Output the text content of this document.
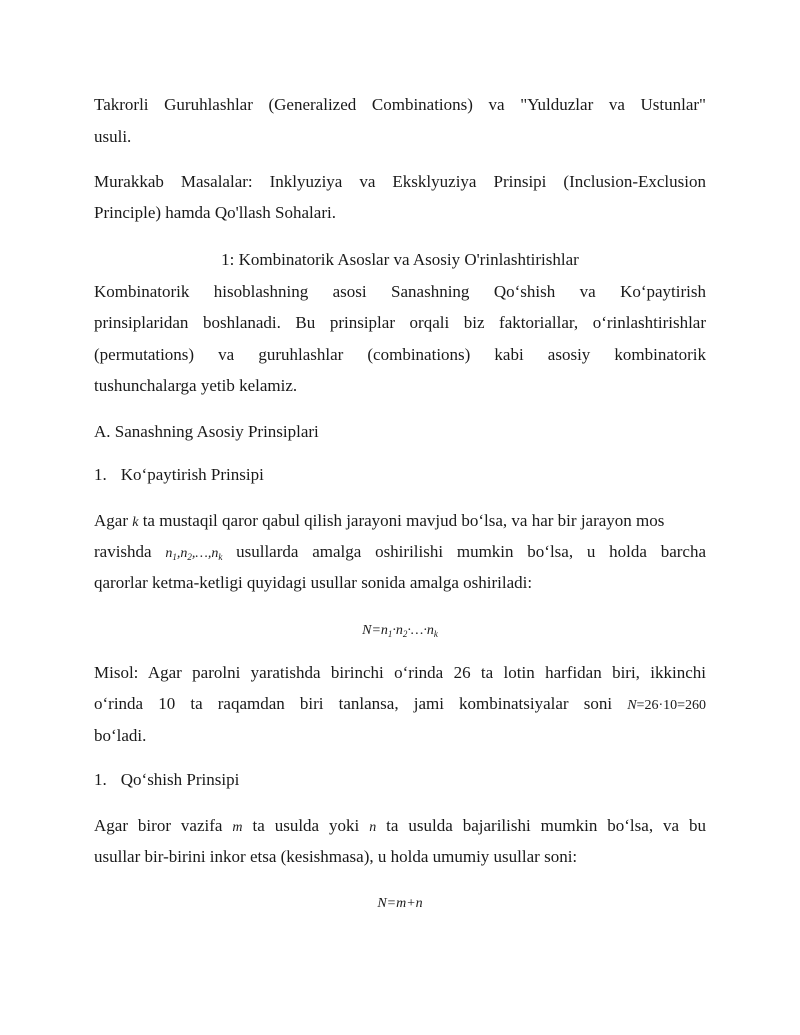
Takrorli Guruhlashlar (Generalized Combinations) va "Yulduzlar va Ustunlar"
usuli.
Murakkab Masalalar: Inklyuziya va Eksklyuziya Prinsipi (Inclusion-Exclusion
Principle) hamda Qo'llash Sohalari.
1: Kombinatorik Asoslar va Asosiy O'rinlashtirishlar
Kombinatorik hisoblashning asosi Sanashning Qo‘shish va Ko‘paytirish
prinsiplaridan boshlanadi. Bu prinsiplar orqali biz faktoriallar, o‘rinlashtirishlar
(permutations) va guruhlashlar (combinations) kabi asosiy kombinatorik
tushunchalarga yetib kelamiz.
A. Sanashning Asosiy Prinsiplari
1. Ko‘paytirish Prinsipi
Agar k ta mustaqil qaror qabul qilish jarayoni mavjud bo‘lsa, va har bir jarayon mos
ravishda $n_1,n_2,\dots,n_k$ usullarda amalga oshirilishi mumkin bo‘lsa, u holda barcha
qarorlar ketma-ketligi quyidagi usullar sonida amalga oshiriladi:
$N=n_1\cdot n_2\cdot\dots\cdot n_k$
Misol: Agar parolni yaratishda birinchi o‘rinda 26 ta lotin harfidan biri, ikkinchi
o‘rinda 10 ta raqamdan biri tanlansa, jami kombinatsiyalar soni N=26·10=260
bo‘ladi.
1. Qo‘shish Prinsipi
Agar biror vazifa m ta usulda yoki n ta usulda bajarilishi mumkin bo‘lsa, va bu
usullar bir-birini inkor etsa (kesishmasa), u holda umumiy usullar soni:
N=m+n
